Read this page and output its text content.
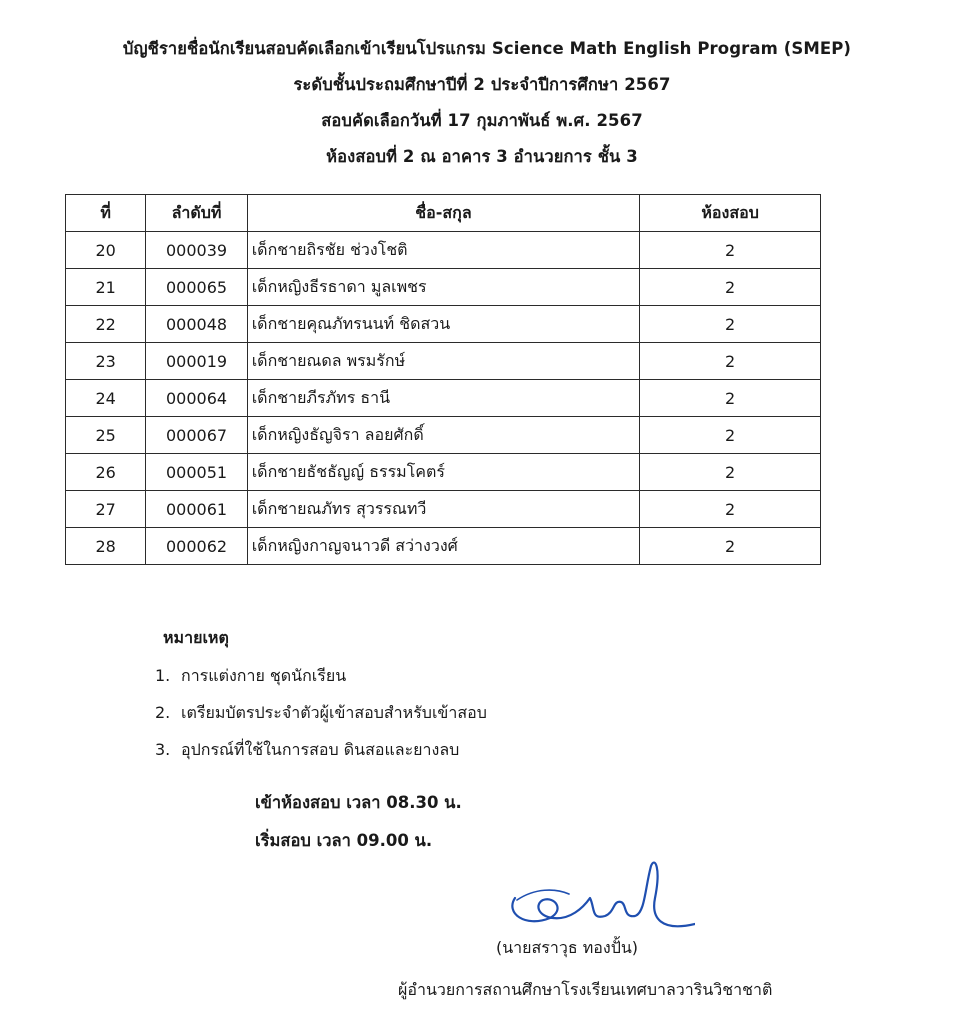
บัญชีรายชื่อนักเรียนสอบคัดเลือกเข้าเรียนโปรแกรม Science Math English Program (SMEP)
ระดับชั้นประถมศึกษาปีที่ 2 ประจำปีการศึกษา 2567
สอบคัดเลือกวันที่ 17 กุมภาพันธ์ พ.ศ. 2567
ห้องสอบที่ 2 ณ อาคาร 3 อำนวยการ ชั้น 3
ที่	ลำดับที่	ชื่อ-สกุล	ห้องสอบ
20	000039	เด็กชายถิรชัย ช่วงโชติ	2
21	000065	เด็กหญิงธีรธาดา มูลเพชร	2
22	000048	เด็กชายคุณภัทรนนท์ ชิดสวน	2
23	000019	เด็กชายณดล พรมรักษ์	2
24	000064	เด็กชายภีรภัทร ธานี	2
25	000067	เด็กหญิงธัญจิรา ลอยศักดิ์	2
26	000051	เด็กชายธัชธัญญ์ ธรรมโคตร์	2
27	000061	เด็กชายณภัทร สุวรรณทวี	2
28	000062	เด็กหญิงกาญจนาวดี สว่างวงศ์	2
หมายเหตุ
1. การแต่งกาย ชุดนักเรียน
2. เตรียมบัตรประจำตัวผู้เข้าสอบสำหรับเข้าสอบ
3. อุปกรณ์ที่ใช้ในการสอบ ดินสอและยางลบ
เข้าห้องสอบ เวลา 08.30 น.
เริ่มสอบ เวลา 09.00 น.
(นายสราวุธ ทองปั้น)
ผู้อำนวยการสถานศึกษาโรงเรียนเทศบาลวารินวิชาชาติ
